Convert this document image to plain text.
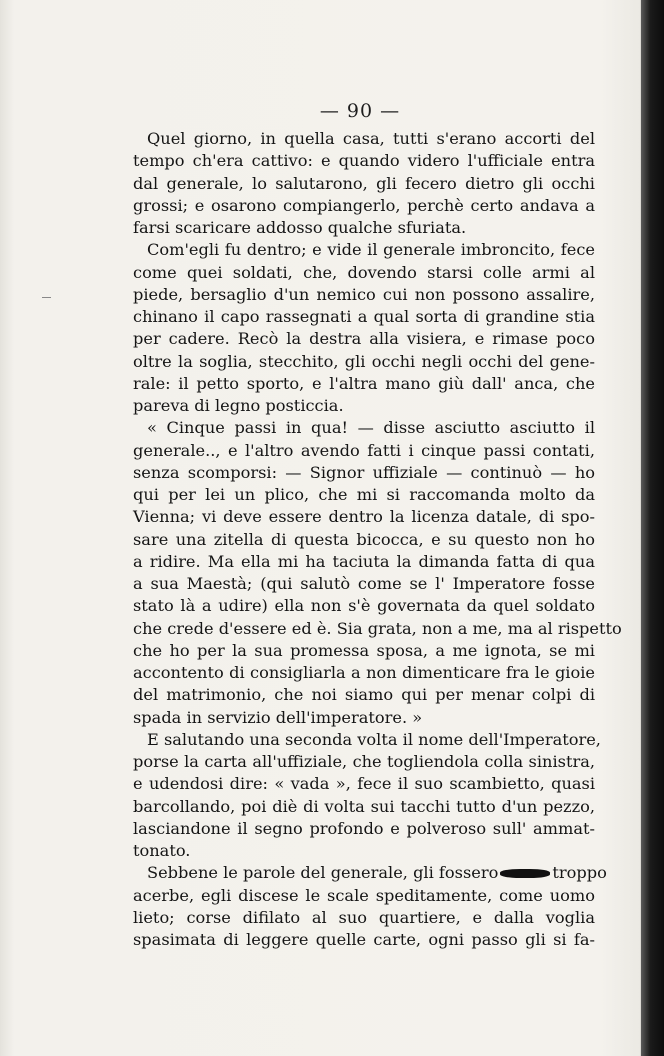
— 90 —
Quel giorno, in quella casa, tutti s'erano accorti del
tempo ch'era cattivo: e quando videro l'ufficiale entra
dal generale, lo salutarono, gli fecero dietro gli occhi
grossi; e osarono compiangerlo, perchè certo andava a
farsi scaricare addosso qualche sfuriata.
Com'egli fu dentro; e vide il generale imbroncito, fece
come quei soldati, che, dovendo starsi colle armi al
piede, bersaglio d'un nemico cui non possono assalire,
chinano il capo rassegnati a qual sorta di grandine stia
per cadere. Recò la destra alla visiera, e rimase poco
oltre la soglia, stecchito, gli occhi negli occhi del gene-
rale: il petto sporto, e l'altra mano giù dall' anca, che
pareva di legno posticcia.
« Cinque passi in qua! — disse asciutto asciutto il
generale.., e l'altro avendo fatti i cinque passi contati,
senza scomporsi: — Signor uffiziale — continuò — ho
qui per lei un plico, che mi si raccomanda molto da
Vienna; vi deve essere dentro la licenza datale, di spo-
sare una zitella di questa bicocca, e su questo non ho
a ridire. Ma ella mi ha taciuta la dimanda fatta di qua
a sua Maestà; (qui salutò come se l' Imperatore fosse
stato là a udire) ella non s'è governata da quel soldato
che crede d'essere ed è. Sia grata, non a me, ma al rispetto
che ho per la sua promessa sposa, a me ignota, se mi
accontento di consigliarla a non dimenticare fra le gioie
del matrimonio, che noi siamo qui per menar colpi di
spada in servizio dell'imperatore. »
E salutando una seconda volta il nome dell'Imperatore,
porse la carta all'uffiziale, che togliendola colla sinistra,
e udendosi dire: « vada », fece il suo scambietto, quasi
barcollando, poi diè di volta sui tacchi tutto d'un pezzo,
lasciandone il segno profondo e polveroso sull' ammat-
tonato.
Sebbene le parole del generale, gli fossero	troppo
acerbe, egli discese le scale speditamente, come uomo
lieto; corse difilato al suo quartiere, e dalla voglia
spasimata di leggere quelle carte, ogni passo gli si fa-
